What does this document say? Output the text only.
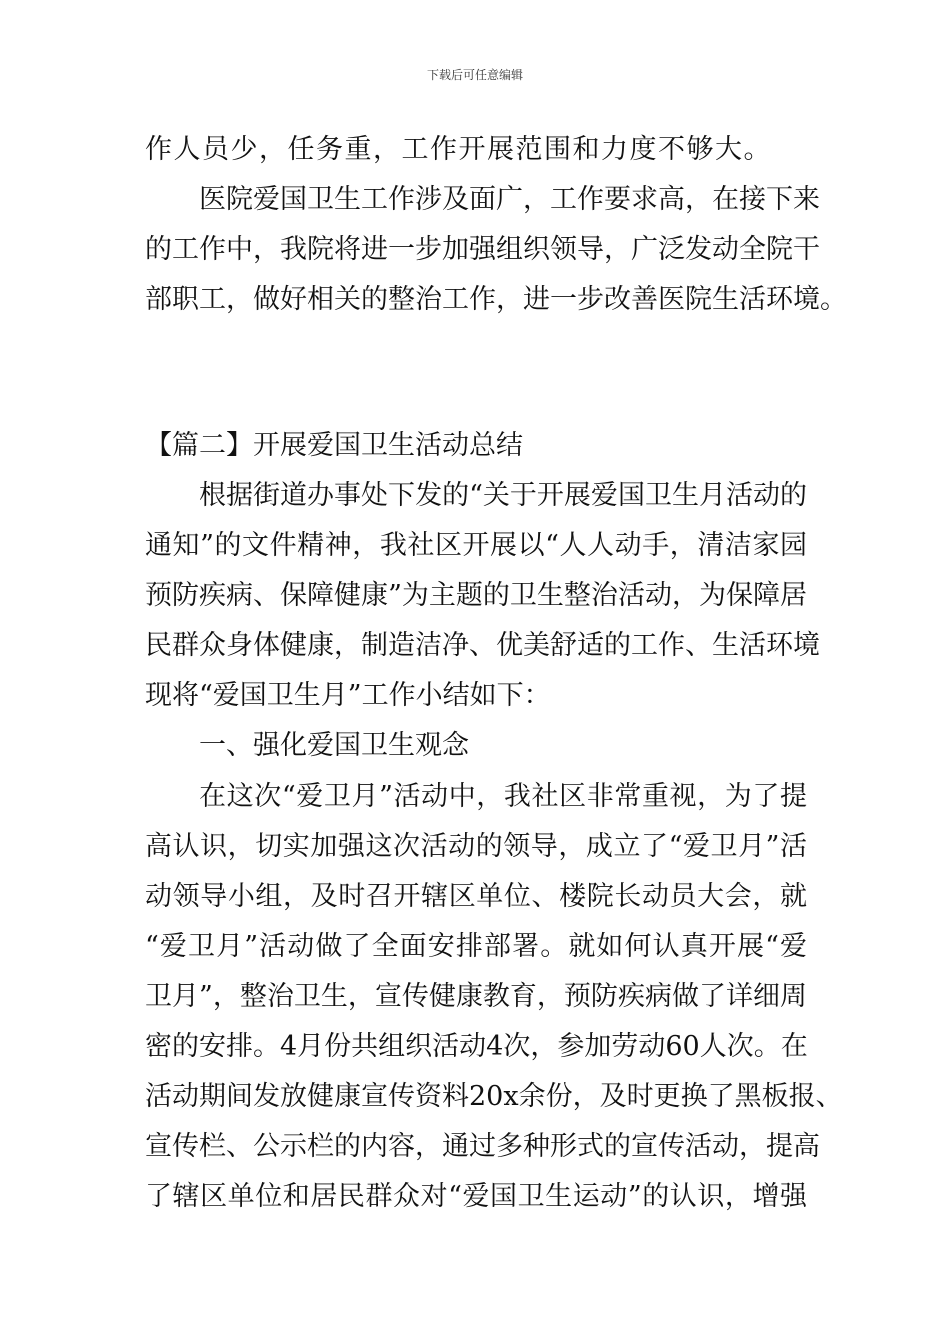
下载后可任意编辑
作人员少，任务重，工作开展范围和力度不够大。
医院爱国卫生工作涉及面广，工作要求高，在接下来
的工作中，我院将进一步加强组织领导，广泛发动全院干
部职工，做好相关的整治工作，进一步改善医院生活环境。
【篇二】开展爱国卫生活动总结
根据街道办事处下发的“关于开展爱国卫生月活动的
通知”的文件精神，我社区开展以“人人动手，清洁家园
预防疾病、保障健康”为主题的卫生整治活动，为保障居
民群众身体健康，制造洁净、优美舒适的工作、生活环境
现将“爱国卫生月”工作小结如下：
一、强化爱国卫生观念
在这次“爱卫月”活动中，我社区非常重视，为了提
高认识，切实加强这次活动的领导，成立了“爱卫月”活
动领导小组，及时召开辖区单位、楼院长动员大会，就
“爱卫月”活动做了全面安排部署。就如何认真开展“爱
卫月”，整治卫生，宣传健康教育，预防疾病做了详细周
密的安排。4月份共组织活动4次，参加劳动60人次。在
活动期间发放健康宣传资料20x余份，及时更换了黑板报、
宣传栏、公示栏的内容，通过多种形式的宣传活动，提高
了辖区单位和居民群众对“爱国卫生运动”的认识，增强
